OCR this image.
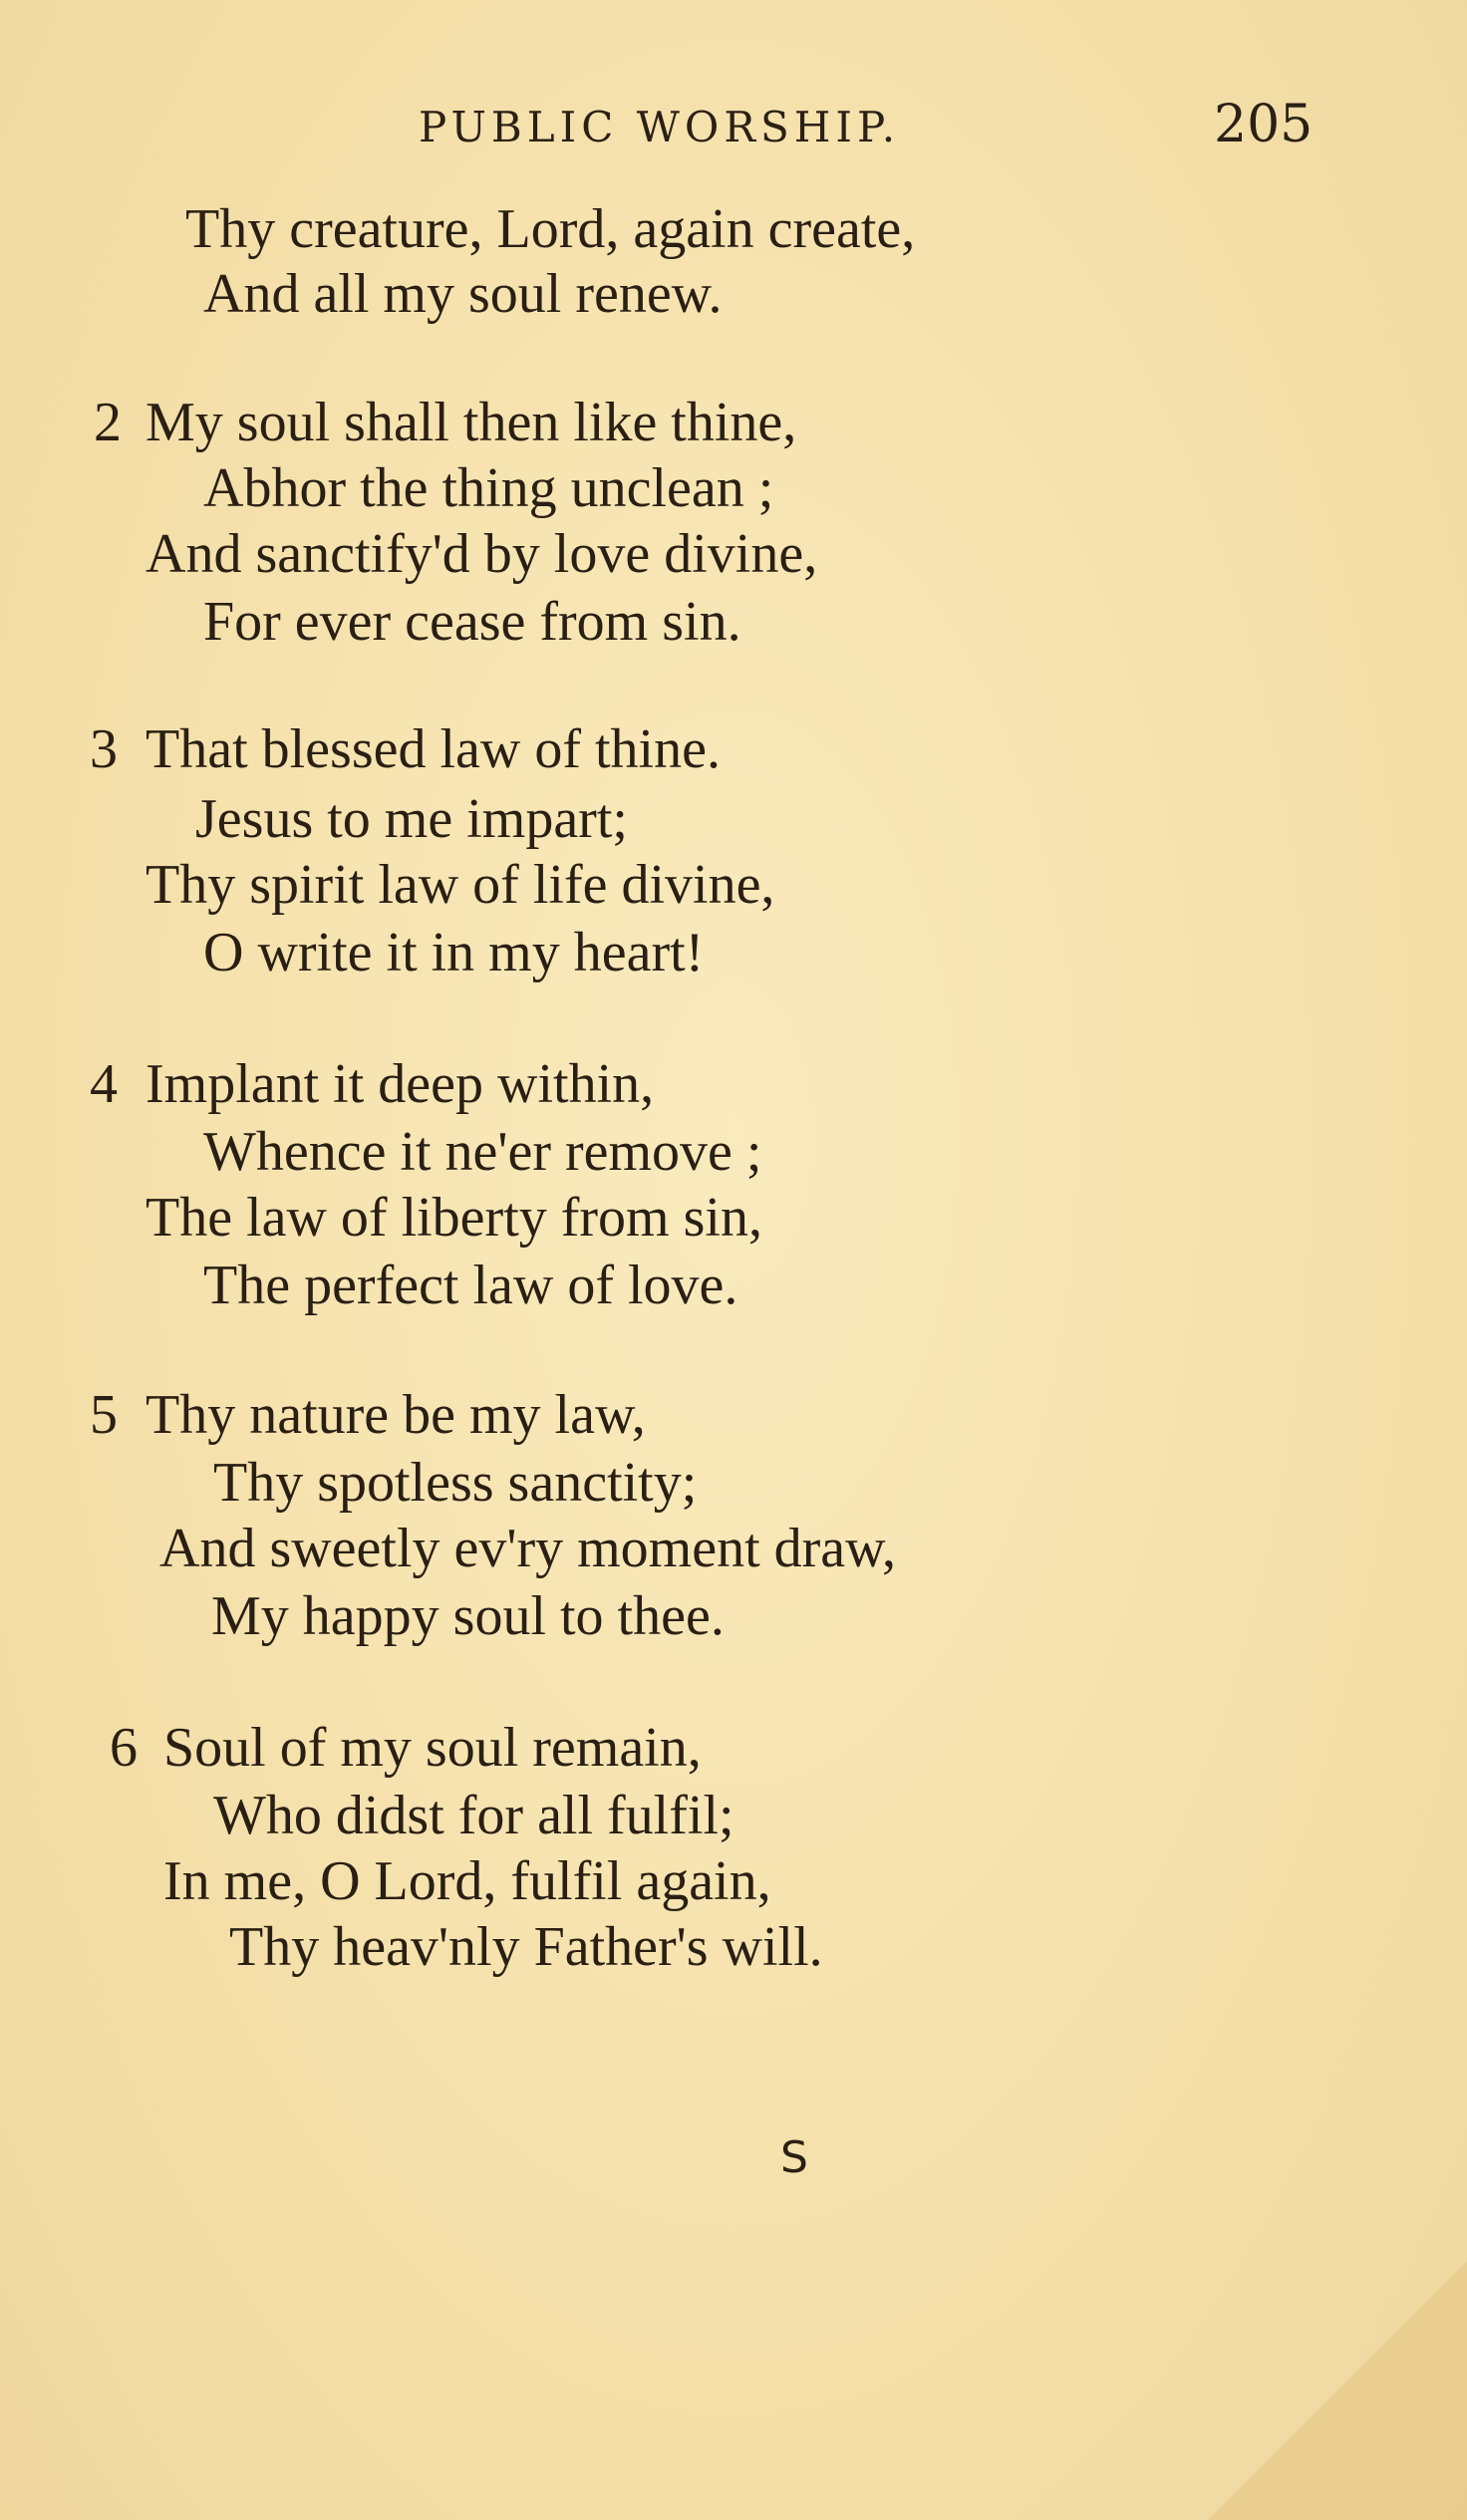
PUBLIC WORSHIP.	205
Thy creature, Lord, again create,
And all my soul renew.
2 My soul shall then like thine,
Abhor the thing unclean ;
And sanctify'd by love divine,
For ever cease from sin.
3 That blessed law of thine.
Jesus to me impart;
Thy spirit law of life divine,
O write it in my heart!
4 Implant it deep within,
Whence it ne'er remove ;
The law of liberty from sin,
The perfect law of love.
5 Thy nature be my law,
Thy spotless sanctity;
And sweetly ev'ry moment draw,
My happy soul to thee.
6 Soul of my soul remain,
Who didst for all fulfil;
In me, O Lord, fulfil again,
Thy heav'nly Father's will.
S
